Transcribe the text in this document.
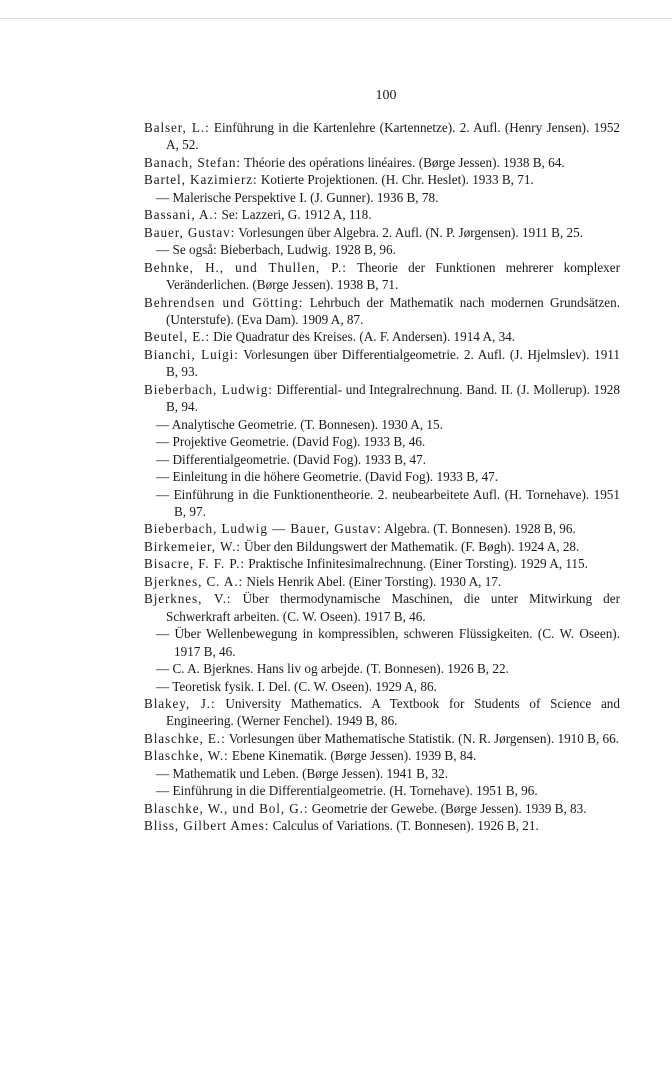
100
Balser, L.: Einführung in die Kartenlehre (Kartennetze). 2. Aufl. (Henry Jensen). 1952 A, 52.
Banach, Stefan: Théorie des opérations linéaires. (Børge Jessen). 1938 B, 64.
Bartel, Kazimierz: Kotierte Projektionen. (H. Chr. Heslet). 1933 B, 71.
— Malerische Perspektive I. (J. Gunner). 1936 B, 78.
Bassani, A.: Se: Lazzeri, G. 1912 A, 118.
Bauer, Gustav: Vorlesungen über Algebra. 2. Aufl. (N. P. Jørgensen). 1911 B, 25.
— Se også: Bieberbach, Ludwig. 1928 B, 96.
Behnke, H., und Thullen, P.: Theorie der Funktionen mehrerer komplexer Veränderlichen. (Børge Jessen). 1938 B, 71.
Behrendsen und Götting: Lehrbuch der Mathematik nach modernen Grundsätzen. (Unterstufe). (Eva Dam). 1909 A, 87.
Beutel, E.: Die Quadratur des Kreises. (A. F. Andersen). 1914 A, 34.
Bianchi, Luigi: Vorlesungen über Differentialgeometrie. 2. Aufl. (J. Hjelmslev). 1911 B, 93.
Bieberbach, Ludwig: Differential- und Integralrechnung. Band. II. (J. Mollerup). 1928 B, 94.
— Analytische Geometrie. (T. Bonnesen). 1930 A, 15.
— Projektive Geometrie. (David Fog). 1933 B, 46.
— Differentialgeometrie. (David Fog). 1933 B, 47.
— Einleitung in die höhere Geometrie. (David Fog). 1933 B, 47.
— Einführung in die Funktionentheorie. 2. neubearbeitete Aufl. (H. Tornehave). 1951 B, 97.
Bieberbach, Ludwig — Bauer, Gustav: Algebra. (T. Bonnesen). 1928 B, 96.
Birkemeier, W.: Über den Bildungswert der Mathematik. (F. Bøgh). 1924 A, 28.
Bisacre, F. F. P.: Praktische Infinitesimalrechnung. (Einer Torsting). 1929 A, 115.
Bjerknes, C. A.: Niels Henrik Abel. (Einer Torsting). 1930 A, 17.
Bjerknes, V.: Über thermodynamische Maschinen, die unter Mitwirkung der Schwerkraft arbeiten. (C. W. Oseen). 1917 B, 46.
— Über Wellenbewegung in kompressiblen, schweren Flüssigkeiten. (C. W. Oseen). 1917 B, 46.
— C. A. Bjerknes. Hans liv og arbejde. (T. Bonnesen). 1926 B, 22.
— Teoretisk fysik. I. Del. (C. W. Oseen). 1929 A, 86.
Blakey, J.: University Mathematics. A Textbook for Students of Science and Engineering. (Werner Fenchel). 1949 B, 86.
Blaschke, E.: Vorlesungen über Mathematische Statistik. (N. R. Jørgensen). 1910 B, 66.
Blaschke, W.: Ebene Kinematik. (Børge Jessen). 1939 B, 84.
— Mathematik und Leben. (Børge Jessen). 1941 B, 32.
— Einführung in die Differentialgeometrie. (H. Tornehave). 1951 B, 96.
Blaschke, W., und Bol, G.: Geometrie der Gewebe. (Børge Jessen). 1939 B, 83.
Bliss, Gilbert Ames: Calculus of Variations. (T. Bonnesen). 1926 B, 21.
